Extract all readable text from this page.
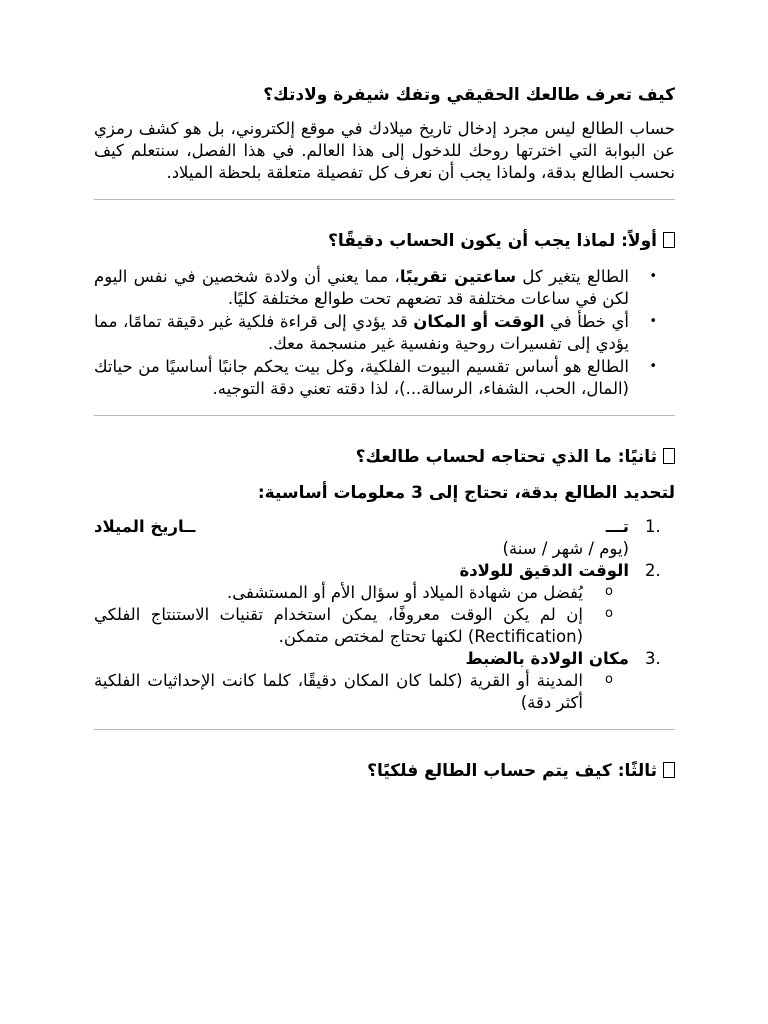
كيف تعرف طالعك الحقيقي وتفك شيفرة ولادتك؟

حساب الطالع ليس مجرد إدخال تاريخ ميلادك في موقع إلكتروني، بل هو كشف رمزي عن البوابة التي اخترتها روحك للدخول إلى هذا العالم. في هذا الفصل، سنتعلم كيف نحسب الطالع بدقة، ولماذا يجب أن نعرف كل تفصيلة متعلقة بلحظة الميلاد.

أولاً: لماذا يجب أن يكون الحساب دقيقًا؟
• الطالع يتغير كل ساعتين تقريبًا، مما يعني أن ولادة شخصين في نفس اليوم لكن في ساعات مختلفة قد تضعهم تحت طوالع مختلفة كليًا.
• أي خطأ في الوقت أو المكان قد يؤدي إلى قراءة فلكية غير دقيقة تمامًا، مما يؤدي إلى تفسيرات روحية ونفسية غير منسجمة معك.
• الطالع هو أساس تقسيم البيوت الفلكية، وكل بيت يحكم جانبًا أساسيًا من حياتك (المال، الحب، الشفاء، الرسالة...)، لذا دقته تعني دقة التوجيه.
ثانيًا: ما الذي تحتاجه لحساب طالعك؟
لتحديد الطالع بدقة، تحتاج إلى 3 معلومات أساسية:
1.
تـــ
ــاريخ الميلاد
(يوم / شهر / سنة)
2.
الوقت الدقيق للولادة
o يُفضل من شهادة الميلاد أو سؤال الأم أو المستشفى.
o إن لم يكن الوقت معروفًا، يمكن استخدام تقنيات الاستنتاج الفلكي (Rectification) لكنها تحتاج لمختص متمكن.
3.
مكان الولادة بالضبط
o المدينة أو القرية (كلما كان المكان دقيقًا، كلما كانت الإحداثيات الفلكية أكثر دقة)
ثالثًا: كيف يتم حساب الطالع فلكيًا؟
